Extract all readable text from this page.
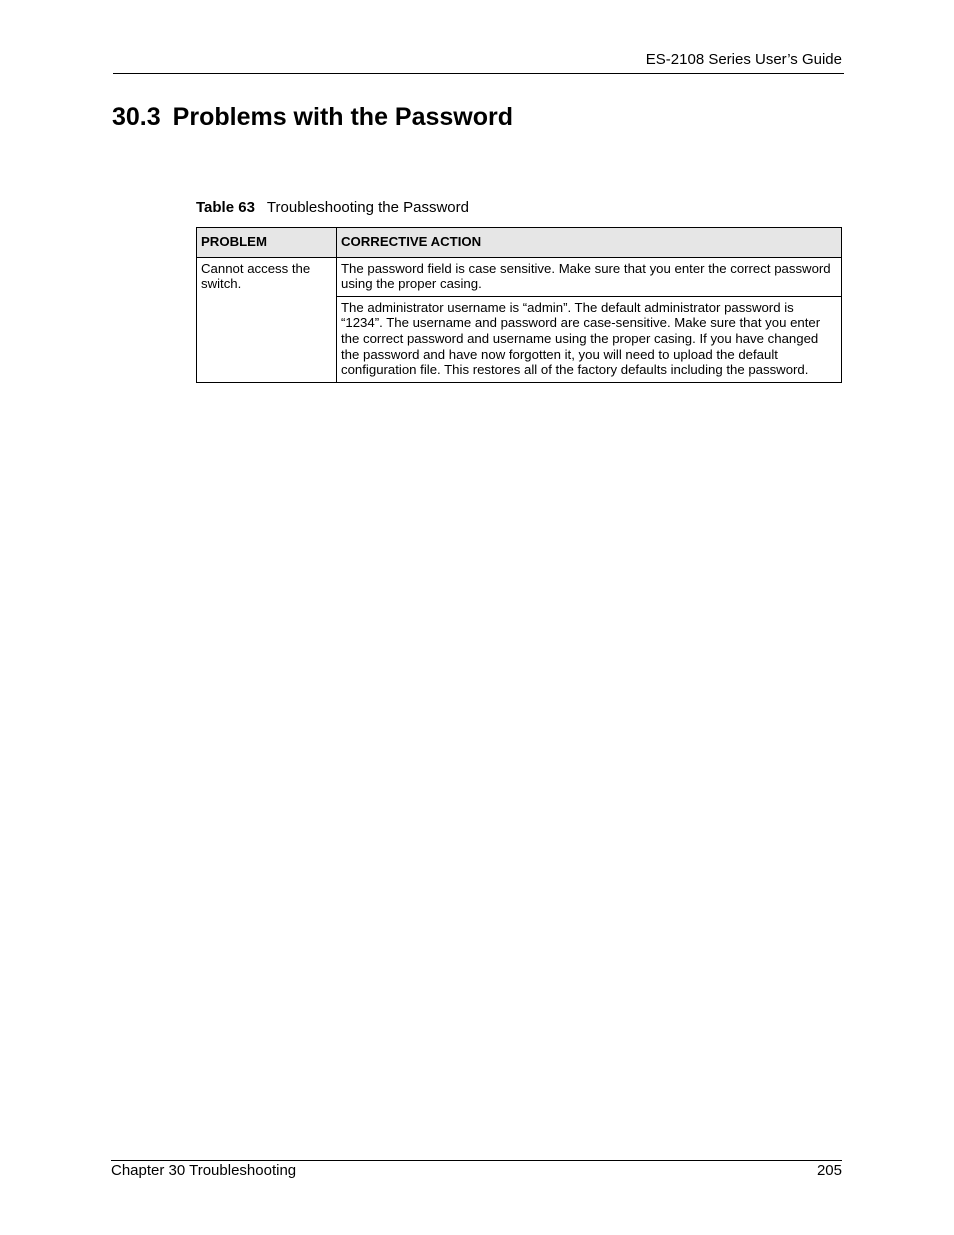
ES-2108 Series User’s Guide
30.3 Problems with the Password
Table 63 Troubleshooting the Password
PROBLEM	CORRECTIVE ACTION
Cannot access the switch.	The password field is case sensitive. Make sure that you enter the correct password using the proper casing.
	The administrator username is “admin”. The default administrator password is “1234”. The username and password are case-sensitive. Make sure that you enter the correct password and username using the proper casing. If you have changed the password and have now forgotten it, you will need to upload the default configuration file. This restores all of the factory defaults including the password.
Chapter 30 Troubleshooting	205
